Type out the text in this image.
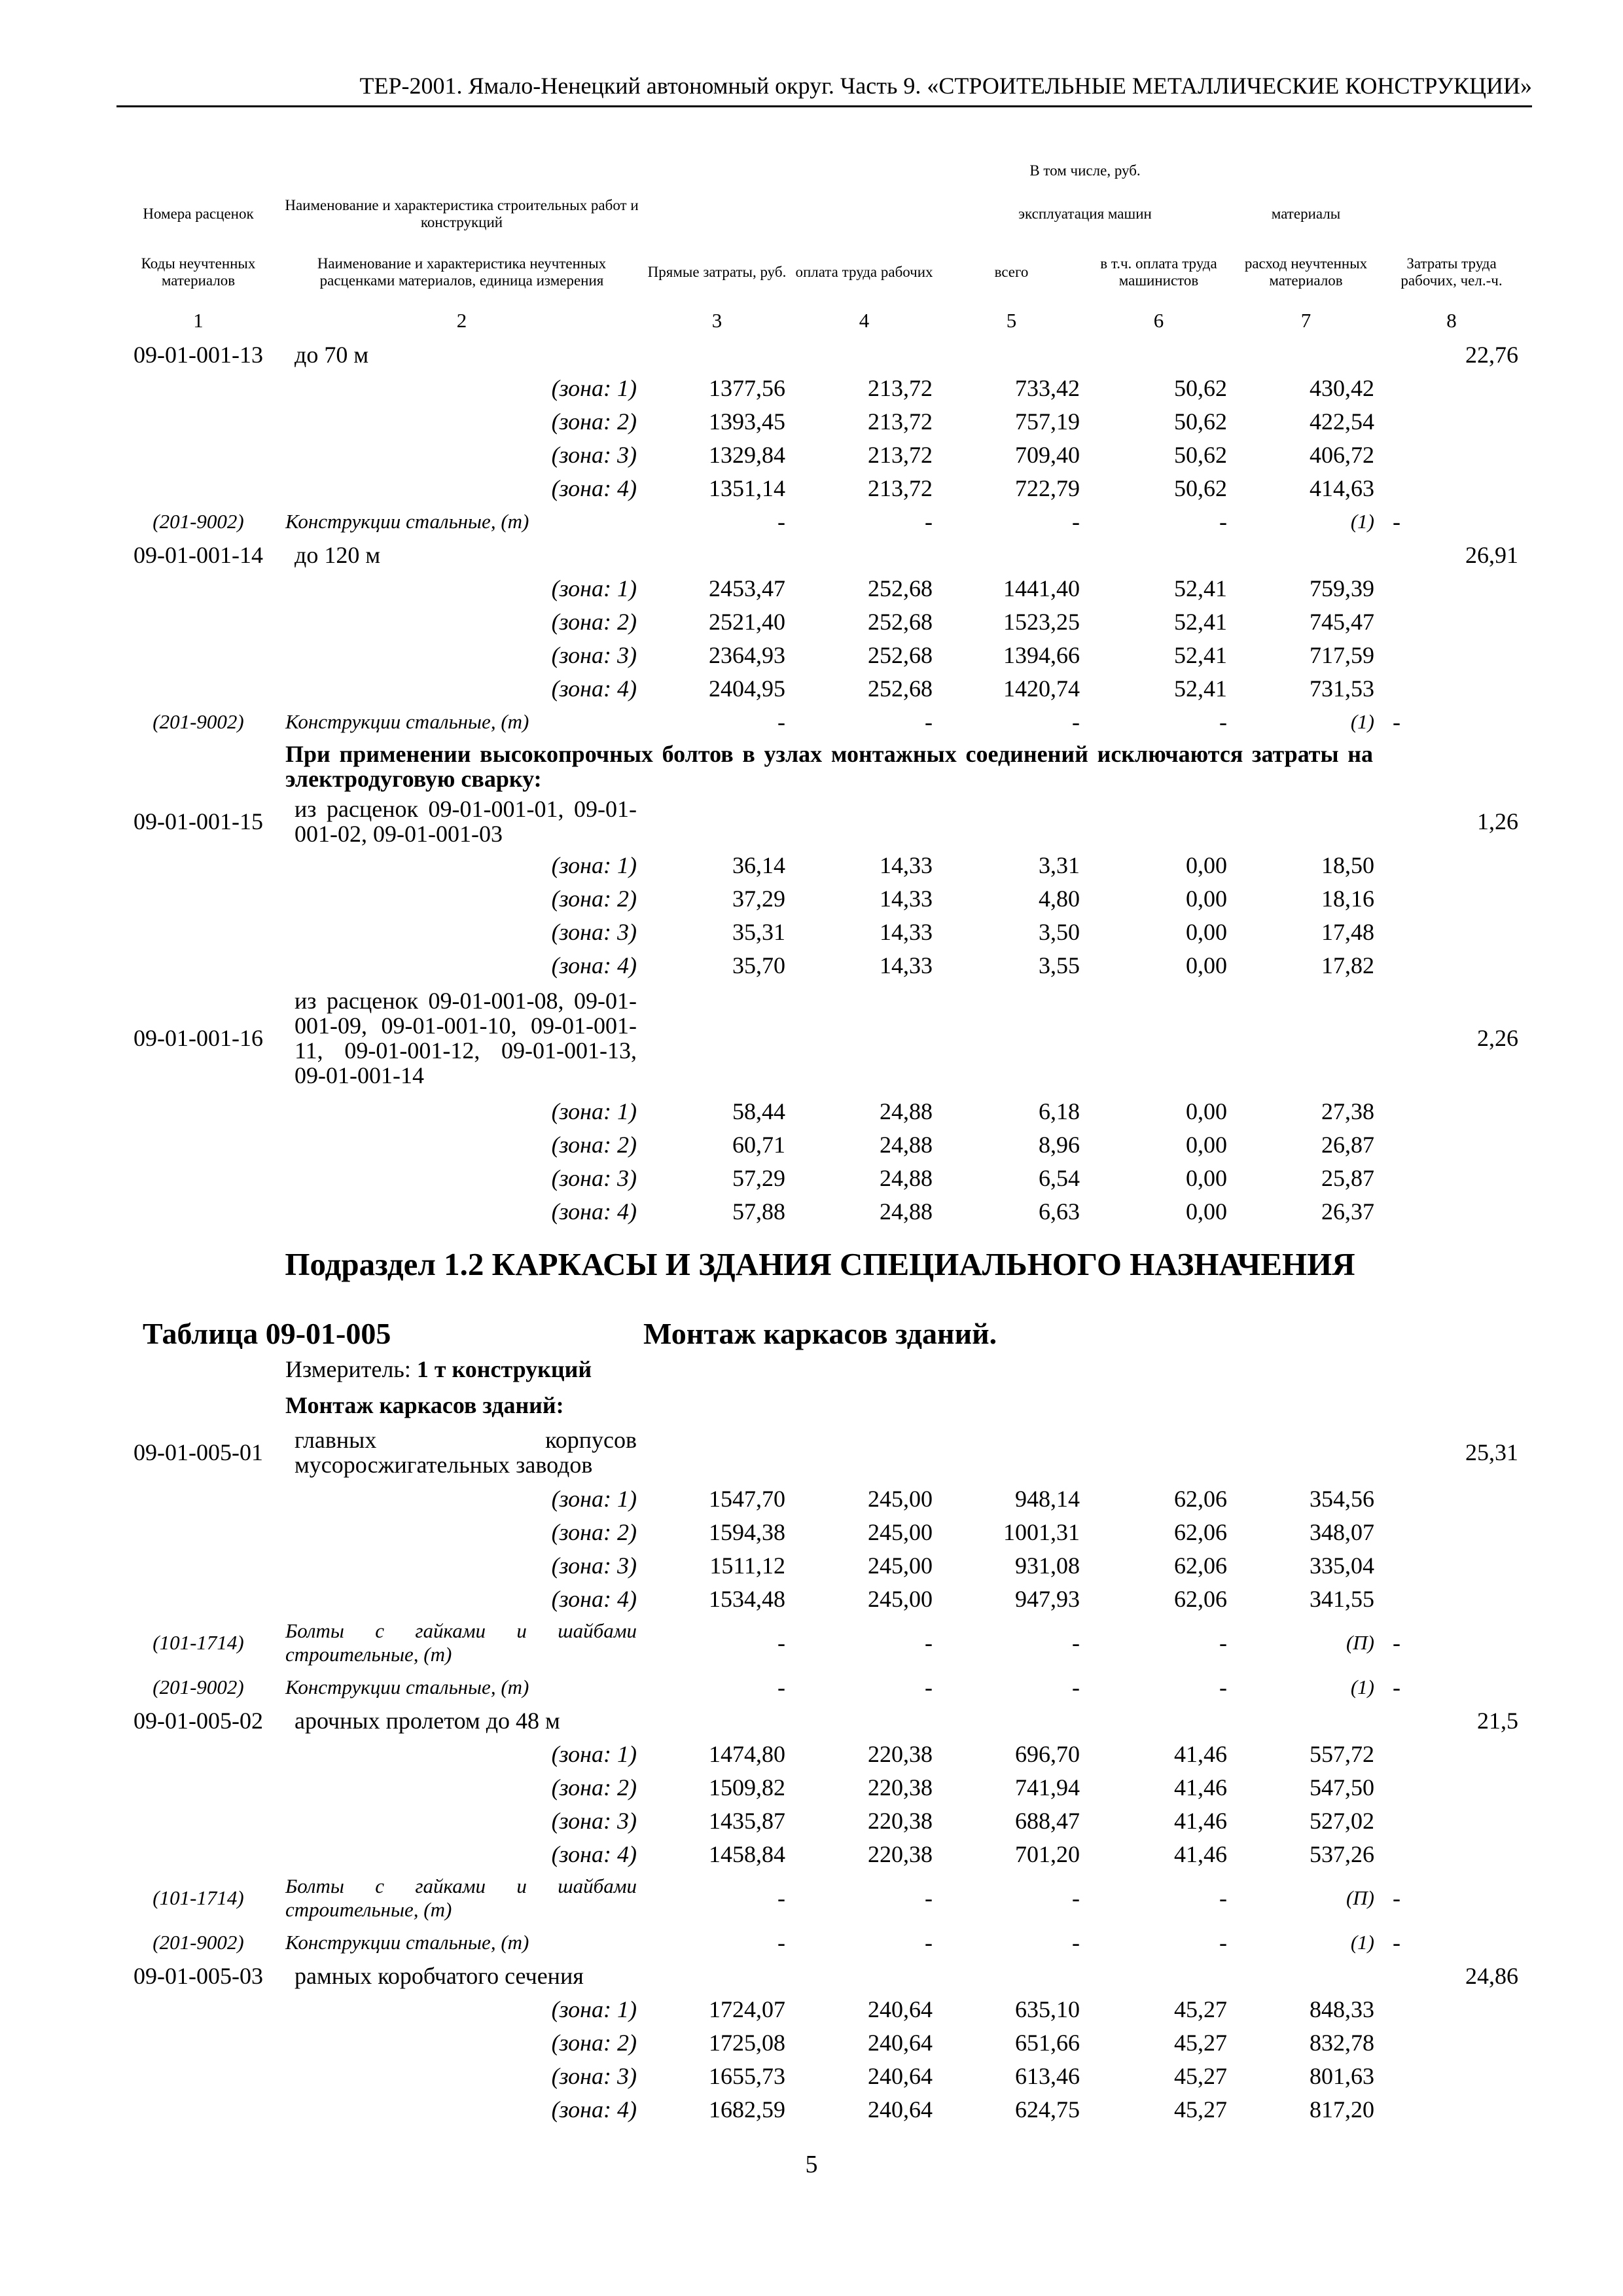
ТЕР-2001. Ямало-Ненецкий автономный округ. Часть 9. «СТРОИТЕЛЬНЫЕ МЕТАЛЛИЧЕСКИЕ КОНСТРУКЦИИ»
			В том числе, руб.				
Номера расценок	Наименование и характеристика строительных работ и конструкций			эксплуатация машин		материалы	
Коды неучтенных материалов	Наименование и характеристика неучтенных расценками материалов, единица измерения	Прямые затраты, руб.	оплата труда рабочих	всего	в т.ч. оплата труда машинистов	расход неучтенных материалов	Затраты труда рабочих, чел.-ч.
1	2	3	4	5	6	7	8
09-01-001-13	до 70 м						22,76
	(зона: 1)	1377,56	213,72	733,42	50,62	430,42	
	(зона: 2)	1393,45	213,72	757,19	50,62	422,54	
	(зона: 3)	1329,84	213,72	709,40	50,62	406,72	
	(зона: 4)	1351,14	213,72	722,79	50,62	414,63	
(201-9002)	Конструкции стальные, (т)	-	-	-	-	(1)	-
09-01-001-14	до 120 м						26,91
	(зона: 1)	2453,47	252,68	1441,40	52,41	759,39	
	(зона: 2)	2521,40	252,68	1523,25	52,41	745,47	
	(зона: 3)	2364,93	252,68	1394,66	52,41	717,59	
	(зона: 4)	2404,95	252,68	1420,74	52,41	731,53	
(201-9002)	Конструкции стальные, (т)	-	-	-	-	(1)	-
	При применении высокопрочных болтов в узлах монтажных соединений исключаются затраты на электродуговую сварку:						
09-01-001-15	из расценок 09-01-001-01, 09-01-001-02, 09-01-001-03						1,26
	(зона: 1)	36,14	14,33	3,31	0,00	18,50	
	(зона: 2)	37,29	14,33	4,80	0,00	18,16	
	(зона: 3)	35,31	14,33	3,50	0,00	17,48	
	(зона: 4)	35,70	14,33	3,55	0,00	17,82	
09-01-001-16	из расценок 09-01-001-08, 09-01-001-09, 09-01-001-10, 09-01-001-11, 09-01-001-12, 09-01-001-13, 09-01-001-14						2,26
	(зона: 1)	58,44	24,88	6,18	0,00	27,38	
	(зона: 2)	60,71	24,88	8,96	0,00	26,87	
	(зона: 3)	57,29	24,88	6,54	0,00	25,87	
	(зона: 4)	57,88	24,88	6,63	0,00	26,37	
Подраздел 1.2 КАРКАСЫ И ЗДАНИЯ СПЕЦИАЛЬНОГО НАЗНАЧЕНИЯ							
Таблица 09-01-005		Монтаж каркасов зданий.					
	Измеритель: 1 т конструкций						
	Монтаж каркасов зданий:						
09-01-005-01	главных корпусов мусоросжигательных заводов						25,31
	(зона: 1)	1547,70	245,00	948,14	62,06	354,56	
	(зона: 2)	1594,38	245,00	1001,31	62,06	348,07	
	(зона: 3)	1511,12	245,00	931,08	62,06	335,04	
	(зона: 4)	1534,48	245,00	947,93	62,06	341,55	
(101-1714)	Болты с гайками и шайбами строительные, (т)	-	-	-	-	(П)	-
(201-9002)	Конструкции стальные, (т)	-	-	-	-	(1)	-
09-01-005-02	арочных пролетом до 48 м						21,5
	(зона: 1)	1474,80	220,38	696,70	41,46	557,72	
	(зона: 2)	1509,82	220,38	741,94	41,46	547,50	
	(зона: 3)	1435,87	220,38	688,47	41,46	527,02	
	(зона: 4)	1458,84	220,38	701,20	41,46	537,26	
(101-1714)	Болты с гайками и шайбами строительные, (т)	-	-	-	-	(П)	-
(201-9002)	Конструкции стальные, (т)	-	-	-	-	(1)	-
09-01-005-03	рамных коробчатого сечения						24,86
	(зона: 1)	1724,07	240,64	635,10	45,27	848,33	
	(зона: 2)	1725,08	240,64	651,66	45,27	832,78	
	(зона: 3)	1655,73	240,64	613,46	45,27	801,63	
	(зона: 4)	1682,59	240,64	624,75	45,27	817,20	
5
